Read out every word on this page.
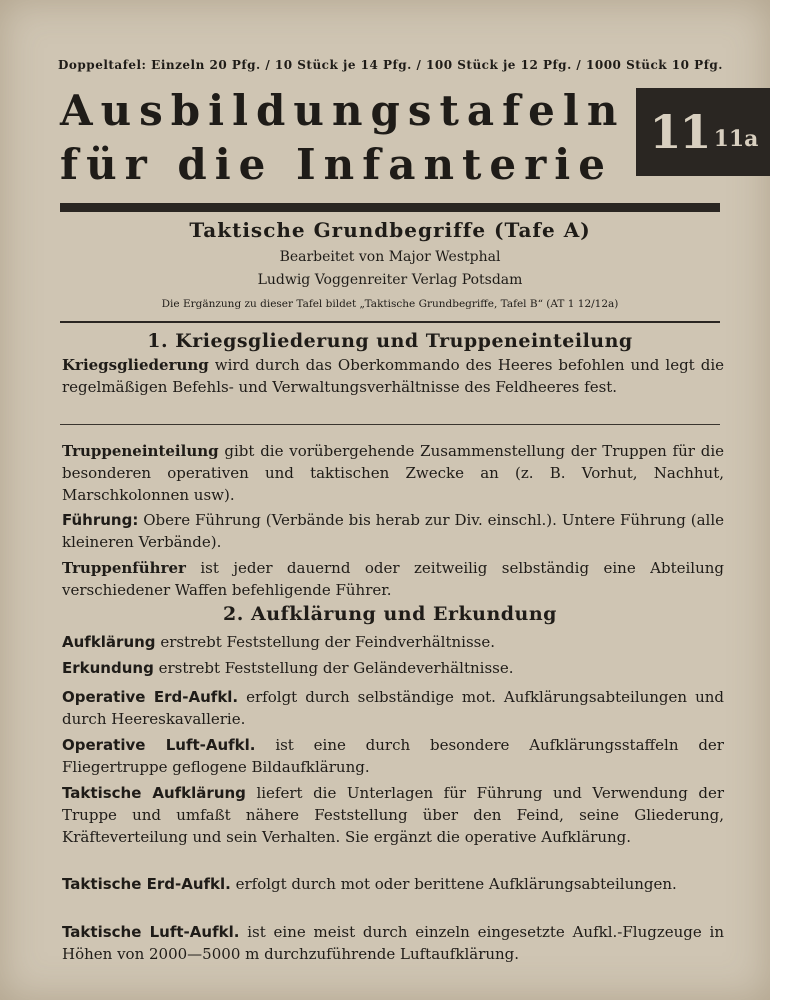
Doppeltafel: Einzeln 20 Pfg. / 10 Stück je 14 Pfg. / 100 Stück je 12 Pfg. / 1000 Stück 10 Pfg.
Ausbildungstafeln
für die Infanterie
11 11a
Taktische Grundbegriffe (Tafe A)
Bearbeitet von Major Westphal
Ludwig Voggenreiter Verlag Potsdam
Die Ergänzung zu dieser Tafel bildet „Taktische Grundbegriffe, Tafel B“ (AT 1 12/12a)
1. Kriegsgliederung und Truppeneinteilung
Kriegsgliederung wird durch das Oberkommando des Heeres befohlen und legt die regelmäßigen Befehls- und Verwaltungsverhältnisse des Feldheeres fest.
Truppeneinteilung gibt die vorübergehende Zusammenstellung der Truppen für die besonderen operativen und taktischen Zwecke an (z. B. Vorhut, Nachhut, Marschkolonnen usw).
Führung: Obere Führung (Verbände bis herab zur Div. einschl.). Untere Führung (alle kleineren Verbände).
Truppenführer ist jeder dauernd oder zeitweilig selbständig eine Abteilung verschiedener Waffen befehligende Führer.
2. Aufklärung und Erkundung
Aufklärung erstrebt Feststellung der Feindverhältnisse.
Erkundung erstrebt Feststellung der Geländeverhältnisse.
Operative Erd-Aufkl. erfolgt durch selbständige mot. Aufklärungsabteilungen und durch Heereskavallerie.
Operative Luft-Aufkl. ist eine durch besondere Aufklärungsstaffeln der Fliegertruppe geflogene Bildaufklärung.
Taktische Aufklärung liefert die Unterlagen für Führung und Verwendung der Truppe und umfaßt nähere Feststellung über den Feind, seine Gliederung, Kräfteverteilung und sein Verhalten. Sie ergänzt die operative Aufklärung.
Taktische Erd-Aufkl. erfolgt durch mot oder berittene Aufklärungsabteilungen.
Taktische Luft-Aufkl. ist eine meist durch einzeln eingesetzte Aufkl.-Flugzeuge in Höhen von 2000—5000 m durchzuführende Luftaufklärung.
